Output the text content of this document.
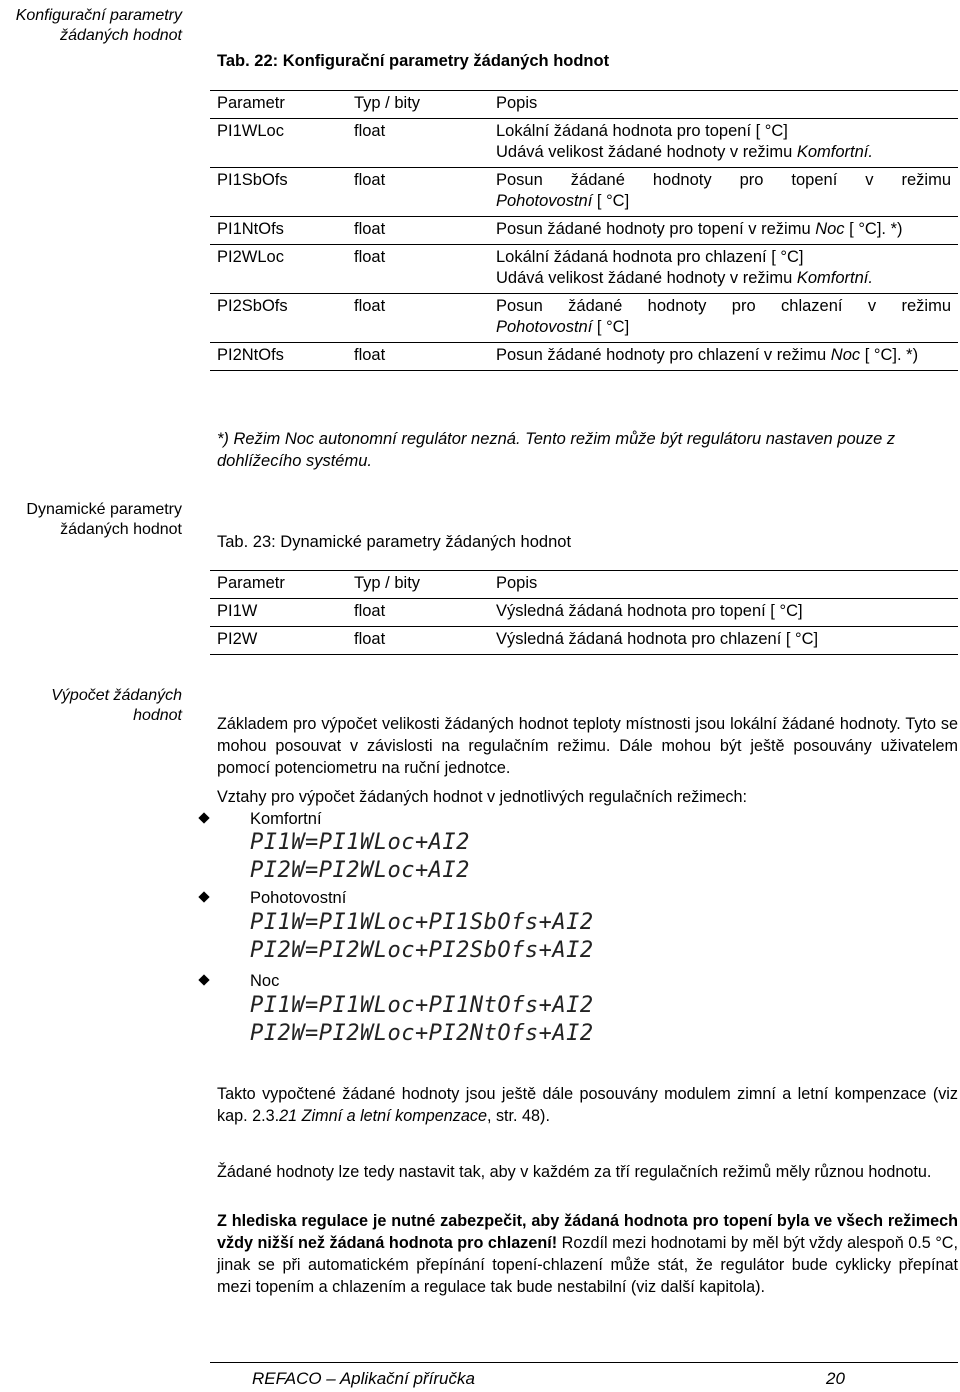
Konfigurační parametry žádaných hodnot
Dynamické parametry žádaných hodnot
Výpočet žádaných hodnot
Tab. 22: Konfigurační parametry žádaných hodnot
Parametr	Typ / bity	Popis
PI1WLoc	float	Lokální žádaná hodnota pro topení [ °C]
Udává velikost žádané hodnoty v režimu Komfortní.

PI1SbOfs	float	Posun žádané hodnoty pro topení v režimu
Pohotovostní [ °C]

PI1NtOfs	float	Posun žádané hodnoty pro topení v režimu Noc [ °C]. *)
PI2WLoc	float	Lokální žádaná hodnota pro chlazení [ °C]
Udává velikost žádané hodnoty v režimu Komfortní.

PI2SbOfs	float	Posun žádané hodnoty pro chlazení v režimu
Pohotovostní [ °C]

PI2NtOfs	float	Posun žádané hodnoty pro chlazení v režimu Noc [ °C]. *)
*) Režim Noc autonomní regulátor nezná. Tento režim může být regulátoru nastaven pouze z dohlížecího systému.
Tab. 23: Dynamické parametry žádaných hodnot
Parametr	Typ / bity	Popis
PI1W	float	Výsledná žádaná hodnota pro topení [ °C]
PI2W	float	Výsledná žádaná hodnota pro chlazení [ °C]
Základem pro výpočet velikosti žádaných hodnot teploty místnosti jsou lokální žádané hodnoty. Tyto se mohou posouvat v závislosti na regulačním režimu. Dále mohou být ještě posouvány uživatelem pomocí potenciometru na ruční jednotce.
Vztahy pro výpočet žádaných hodnot v jednotlivých regulačních režimech:
Komfortní
PI1W=PI1WLoc+AI2
PI2W=PI2WLoc+AI2
Pohotovostní
PI1W=PI1WLoc+PI1SbOfs+AI2
PI2W=PI2WLoc+PI2SbOfs+AI2
Noc
PI1W=PI1WLoc+PI1NtOfs+AI2
PI2W=PI2WLoc+PI2NtOfs+AI2
Takto vypočtené žádané hodnoty jsou ještě dále posouvány modulem zimní a letní kompenzace (viz kap. 2.3.21 Zimní a letní kompenzace, str. 48).
Žádané hodnoty lze tedy nastavit tak, aby v každém za tří regulačních režimů měly různou hodnotu.
Z hlediska regulace je nutné zabezpečit, aby žádaná hodnota pro topení byla ve všech režimech vždy nižší než žádaná hodnota pro chlazení! Rozdíl mezi hodnotami by měl být vždy alespoň 0.5 °C, jinak se při automatickém přepínání topení-chlazení může stát, že regulátor bude cyklicky přepínat mezi topením a chlazením a regulace tak bude nestabilní (viz další kapitola).
REFACO – Aplikační příručka	20
